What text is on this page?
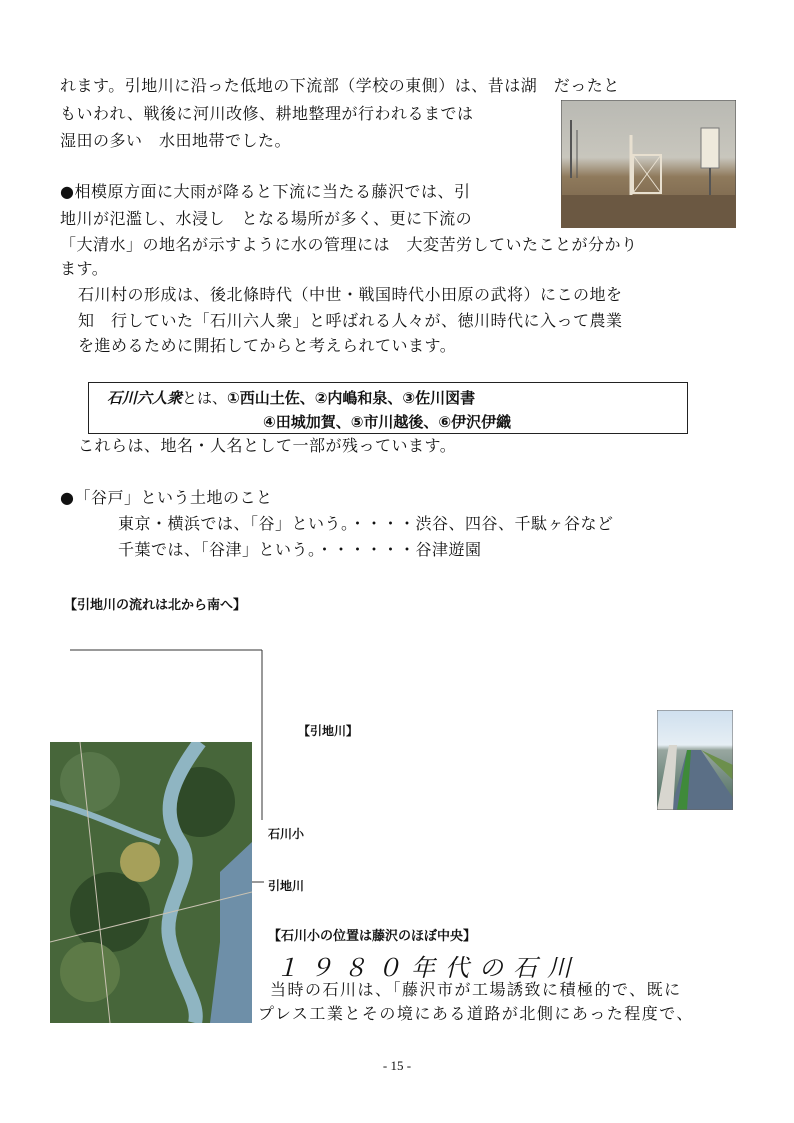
れます。引地川に沿った低地の下流部（学校の東側）は、昔は湖　だったと
もいわれ、戦後に河川改修、耕地整理が行われるまでは
湿田の多い　水田地帯でした。
●相模原方面に大雨が降ると下流に当たる藤沢では、引
地川が氾濫し、水浸し　となる場所が多く、更に下流の
「大清水」の地名が示すように水の管理には　大変苦労していたことが分かり
ます。
石川村の形成は、後北條時代（中世・戦国時代小田原の武将）にこの地を
知　行していた「石川六人衆」と呼ばれる人々が、徳川時代に入って農業
を進めるために開拓してからと考えられています。
石川六人衆とは、①西山土佐、②内嶋和泉、③佐川図書
④田城加賀、⑤市川越後、⑥伊沢伊織
これらは、地名・人名として一部が残っています。
●「谷戸」という土地のこと
東京・横浜では、「谷」という。・・・・渋谷、四谷、千駄ヶ谷など
千葉では、「谷津」という。・・・・・・谷津遊園
【引地川の流れは北から南へ】
【引地川】
石川小
引地川
【石川小の位置は藤沢のほぼ中央】
１９８０年代の石川
当時の石川は、「藤沢市が工場誘致に積極的で、既に
プレス工業とその境にある道路が北側にあった程度で、
- 15 -
